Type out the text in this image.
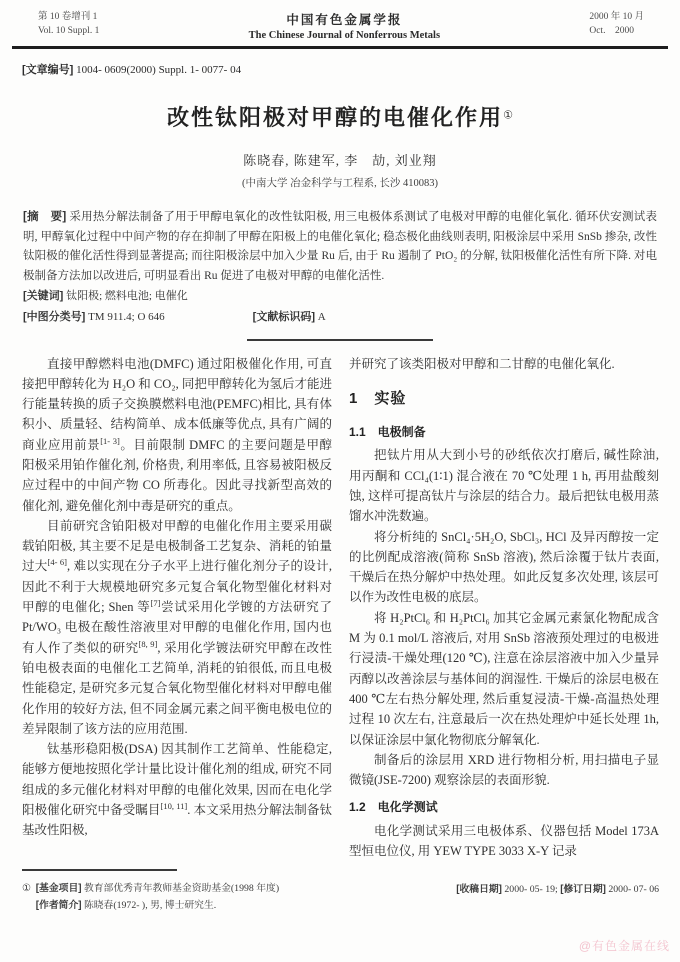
第 10 卷增刊 1
Vol. 10 Suppl. 1
中国有色金属学报
The Chinese Journal of Nonferrous Metals
2000 年 10 月
Oct.    2000
[文章编号] 1004- 0609(2000) Suppl. 1- 0077- 04
改性钛阳极对甲醇的电催化作用①
陈晓春, 陈建军, 李　劼, 刘业翔
(中南大学 冶金科学与工程系, 长沙 410083)

[摘　要] 采用热分解法制备了用于甲醇电氧化的改性钛阳极, 用三电极体系测试了电极对甲醇的电催化氧化. 循环伏安测试表明, 甲醇氧化过程中中间产物的存在抑制了甲醇在阳极上的电催化氧化; 稳态极化曲线则表明, 阳极涂层中采用 SnSb 掺杂, 改性钛阳极的催化活性得到显著提高; 而往阳极涂层中加入少量 Ru 后, 由于 Ru 遏制了 PtO₂ 的分解, 钛阳极催化活性有所下降. 对电极制备方法加以改进后, 可明显看出 Ru 促进了电极对甲醇的电催化活性.

[关键词] 钛阳极; 燃料电池; 电催化
[中图分类号] TM 911.4; O 646	[文献标识码] A

直接甲醇燃料电池(DMFC) 通过阳极催化作用, 可直接把甲醇转化为 H₂O 和 CO₂, 同把甲醇转化为氢后才能进行能量转换的质子交换膜燃料电池(PEMFC)相比, 具有体积小、质量轻、结构简单、成本低廉等优点, 具有广阔的商业应用前景[1- 3]。目前限制 DMFC 的主要问题是甲醇阳极采用铂作催化剂, 价格贵, 利用率低, 且容易被阳极反应过程中的中间产物 CO 所毒化。因此寻找新型高效的催化剂, 避免催化剂中毒是研究的重点。

目前研究含铂阳极对甲醇的电催化作用主要采用碳载铂阳极, 其主要不足是电极制备工艺复杂、消耗的铂量过大[4- 6], 难以实现在分子水平上进行催化剂分子的设计, 因此不利于大规模地研究多元复合氧化物型催化材料对甲醇的电催化; Shen 等[7]尝试采用化学镀的方法研究了 Pt/WO₃ 电极在酸性溶液里对甲醇的电催化作用, 国内也有人作了类似的研究[8, 9], 采用化学镀法研究甲醇在改性铂电极表面的电催化工艺简单, 消耗的铂很低, 而且电极性能稳定, 是研究多元复合氧化物型催化材料对甲醇电催化作用的较好方法, 但不同金属元素之间平衡电极电位的差异限制了该方法的应用范围.

钛基形稳阳极(DSA) 因其制作工艺简单、性能稳定, 能够方便地按照化学计量比设计催化剂的组成, 研究不同组成的多元催化材料对甲醇的电催化效果, 因而在电化学阳极催化研究中备受瞩目[10, 11]. 本文采用热分解法制备钛基改性阳极,

并研究了该类阳极对甲醇和二甘醇的电催化氧化.

1　实验
1.1　电极制备

把钛片用从大到小号的砂纸依次打磨后, 碱性除油, 用丙酮和 CCl₄(1∶1) 混合液在 70 ℃处理 1 h, 再用盐酸刻蚀, 这样可提高钛片与涂层的结合力。最后把钛电极用蒸馏水冲洗数遍。

将分析纯的 SnCl₄·5H₂O, SbCl₃, HCl 及异丙醇按一定的比例配成溶液(简称 SnSb 溶液), 然后涂覆于钛片表面, 干燥后在热分解炉中热处理。如此反复多次处理, 该层可以作为改性电极的底层。

将 H₂PtCl₆ 和 H₂PtCl₆ 加其它金属元素氯化物配成含 M 为 0.1 mol/L 溶液后, 对用 SnSb 溶液预处理过的电极进行浸渍-干燥处理(120 ℃), 注意在涂层溶液中加入少量异丙醇以改善涂层与基体间的润湿性. 干燥后的涂层电极在 400 ℃左右热分解处理, 然后重复浸渍-干燥-高温热处理过程 10 次左右, 注意最后一次在热处理炉中延长处理 1h, 以保证涂层中氯化物彻底分解氧化.

制备后的涂层用 XRD 进行物相分析, 用扫描电子显微镜(JSE-7200) 观察涂层的表面形貌.

1.2　电化学测试

电化学测试采用三电极体系、仪器包括 Model 173A 型恒电位仪, 用 YEW TYPE 3033 X-Y 记录

① [基金项目] 教育部优秀青年教师基金资助基金(1998 年度)
[作者简介] 陈晓春(1972- ), 男, 博士研究生.
[收稿日期] 2000- 05- 19; [修订日期] 2000- 07- 06
@有色金属在线
